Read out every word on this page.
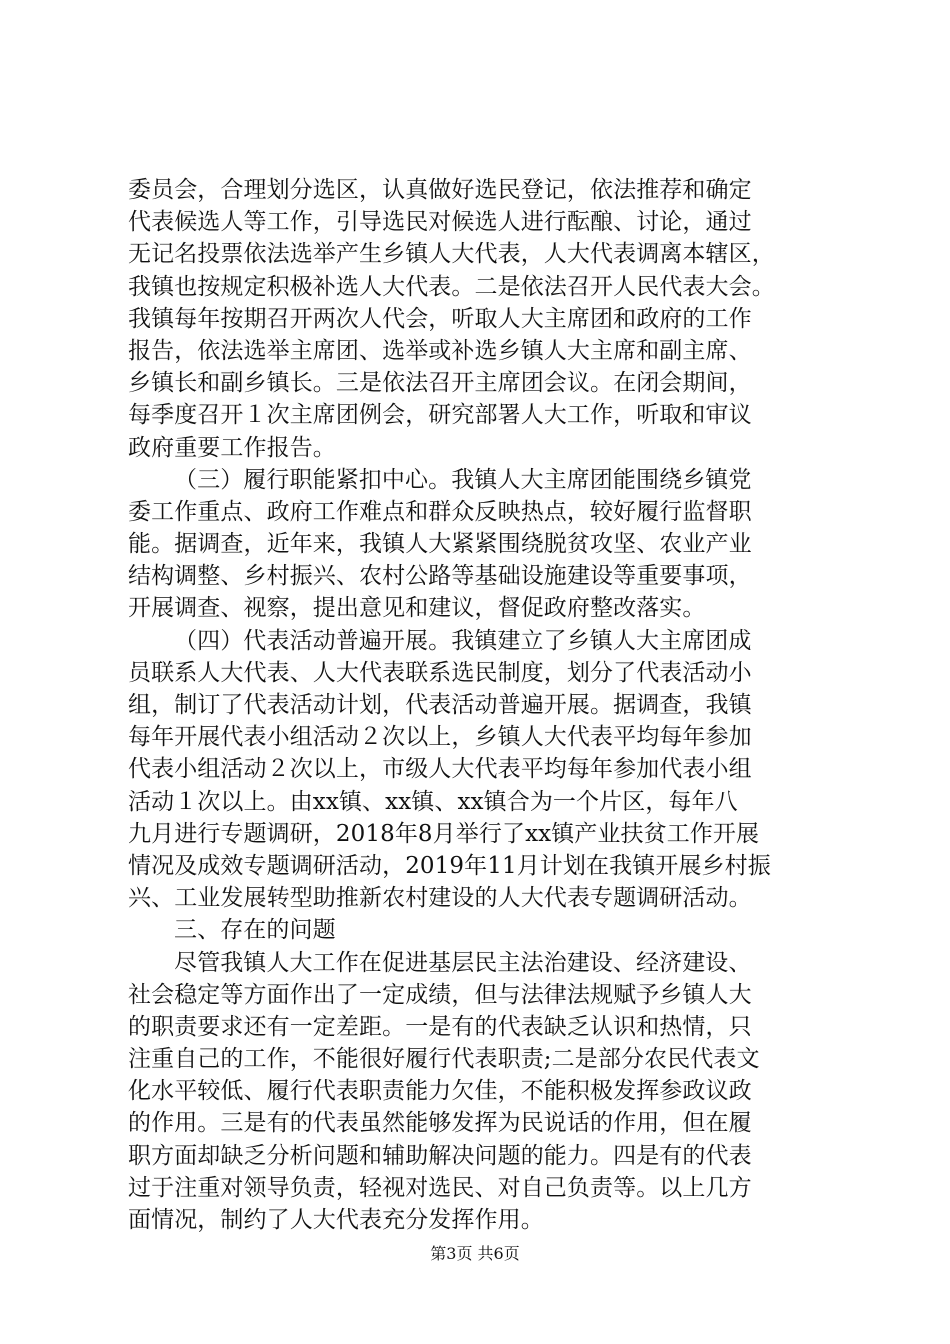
委员会，合理划分选区，认真做好选民登记，依法推荐和确定
代表候选人等工作，引导选民对候选人进行酝酿、讨论，通过
无记名投票依法选举产生乡镇人大代表，人大代表调离本辖区，
我镇也按规定积极补选人大代表。二是依法召开人民代表大会。
我镇每年按期召开两次人代会，听取人大主席团和政府的工作
报告，依法选举主席团、选举或补选乡镇人大主席和副主席、
乡镇长和副乡镇长。三是依法召开主席团会议。在闭会期间，
每季度召开１次主席团例会，研究部署人大工作，听取和审议
政府重要工作报告。
（三）履行职能紧扣中心。我镇人大主席团能围绕乡镇党
委工作重点、政府工作难点和群众反映热点，较好履行监督职
能。据调查，近年来，我镇人大紧紧围绕脱贫攻坚、农业产业
结构调整、乡村振兴、农村公路等基础设施建设等重要事项，
开展调查、视察，提出意见和建议，督促政府整改落实。
（四）代表活动普遍开展。我镇建立了乡镇人大主席团成
员联系人大代表、人大代表联系选民制度，划分了代表活动小
组，制订了代表活动计划，代表活动普遍开展。据调查，我镇
每年开展代表小组活动２次以上，乡镇人大代表平均每年参加
代表小组活动２次以上，市级人大代表平均每年参加代表小组
活动１次以上。由xx镇、xx镇、xx镇合为一个片区，每年八
九月进行专题调研，2018年8月举行了xx镇产业扶贫工作开展
情况及成效专题调研活动，2019年11月计划在我镇开展乡村振
兴、工业发展转型助推新农村建设的人大代表专题调研活动。
三、存在的问题
尽管我镇人大工作在促进基层民主法治建设、经济建设、
社会稳定等方面作出了一定成绩，但与法律法规赋予乡镇人大
的职责要求还有一定差距。一是有的代表缺乏认识和热情，只
注重自己的工作，不能很好履行代表职责;二是部分农民代表文
化水平较低、履行代表职责能力欠佳，不能积极发挥参政议政
的作用。三是有的代表虽然能够发挥为民说话的作用，但在履
职方面却缺乏分析问题和辅助解决问题的能力。四是有的代表
过于注重对领导负责，轻视对选民、对自己负责等。以上几方
面情况，制约了人大代表充分发挥作用。
第3页 共6页
